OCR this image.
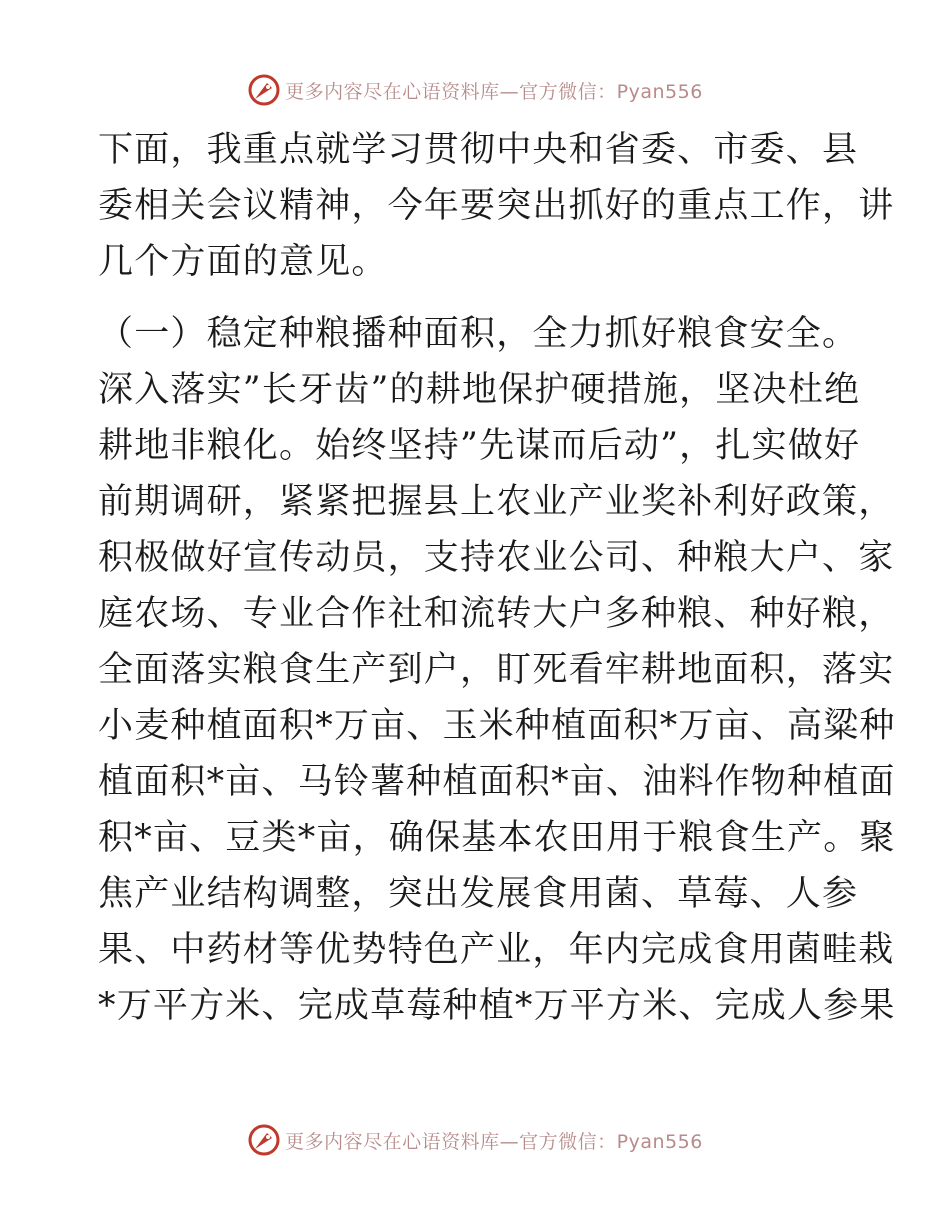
更多内容尽在心语资料库—官方微信：Pyan556
下面，我重点就学习贯彻中央和省委、市委、县
委相关会议精神，今年要突出抓好的重点工作，讲
几个方面的意见。
（一）稳定种粮播种面积，全力抓好粮食安全。
深入落实”长牙齿”的耕地保护硬措施，坚决杜绝
耕地非粮化。始终坚持”先谋而后动”，扎实做好
前期调研，紧紧把握县上农业产业奖补利好政策，
积极做好宣传动员，支持农业公司、种粮大户、家
庭农场、专业合作社和流转大户多种粮、种好粮，
全面落实粮食生产到户，盯死看牢耕地面积，落实
小麦种植面积*万亩、玉米种植面积*万亩、高粱种
植面积*亩、马铃薯种植面积*亩、油料作物种植面
积*亩、豆类*亩，确保基本农田用于粮食生产。聚
焦产业结构调整，突出发展食用菌、草莓、人参
果、中药材等优势特色产业，年内完成食用菌畦栽
*万平方米、完成草莓种植*万平方米、完成人参果
更多内容尽在心语资料库—官方微信：Pyan556
